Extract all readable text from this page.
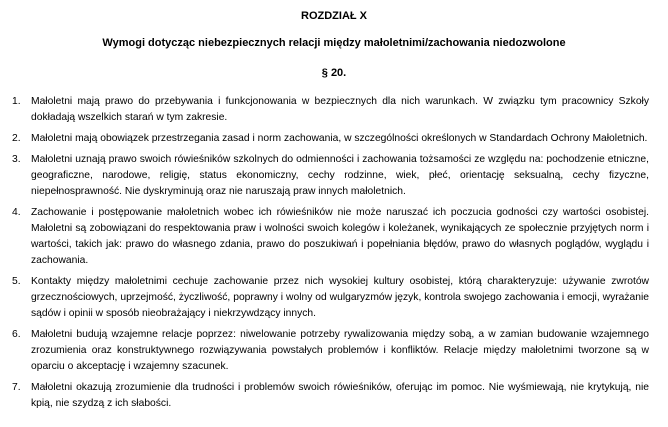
ROZDZIAŁ X
Wymogi dotycząc niebezpiecznych relacji między małoletnimi/zachowania niedozwolone
§ 20.
1. Małoletni mają prawo do przebywania i funkcjonowania w bezpiecznych dla nich warunkach. W związku tym pracownicy Szkoły dokładają wszelkich starań w tym zakresie.
2. Małoletni mają obowiązek przestrzegania zasad i norm zachowania, w szczególności określonych w Standardach Ochrony Małoletnich.
3. Małoletni uznają prawo swoich rówieśników szkolnych do odmienności i zachowania tożsamości ze względu na: pochodzenie etniczne, geograficzne, narodowe, religię, status ekonomiczny, cechy rodzinne, wiek, płeć, orientację seksualną, cechy fizyczne, niepełnosprawność. Nie dyskryminują oraz nie naruszają praw innych małoletnich.
4. Zachowanie i postępowanie małoletnich wobec ich rówieśników nie może naruszać ich poczucia godności czy wartości osobistej. Małoletni są zobowiązani do respektowania praw i wolności swoich kolegów i koleżanek, wynikających ze społecznie przyjętych norm i wartości, takich jak: prawo do własnego zdania, prawo do poszukiwań i popełniania błędów, prawo do własnych poglądów, wyglądu i zachowania.
5. Kontakty między małoletnimi cechuje zachowanie przez nich wysokiej kultury osobistej, którą charakteryzuje: używanie zwrotów grzecznościowych, uprzejmość, życzliwość, poprawny i wolny od wulgaryzmów język, kontrola swojego zachowania i emocji, wyrażanie sądów i opinii w sposób nieobrażający i niekrzywdzący innych.
6. Małoletni budują wzajemne relacje poprzez: niwelowanie potrzeby rywalizowania między sobą, a w zamian budowanie wzajemnego zrozumienia oraz konstruktywnego rozwiązywania powstałych problemów i konfliktów. Relacje między małoletnimi tworzone są w oparciu o akceptację i wzajemny szacunek.
7. Małoletni okazują zrozumienie dla trudności i problemów swoich rówieśników, oferując im pomoc. Nie wyśmiewają, nie krytykują, nie kpią, nie szydzą z ich słabości.
